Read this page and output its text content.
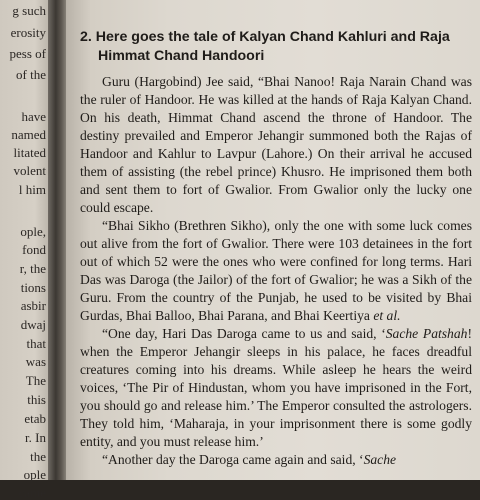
g such
erosity
pess of
of the
have
named
litated
volent
l him
ople,
fond
r, the
tions
asbir
dwaj
that
was
The
this
etab
r. In
the
ople
came
2. Here goes the tale of Kalyan Chand Kahluri and Raja Himmat Chand Handoori

Guru (Hargobind) Jee said, “Bhai Nanoo! Raja Narain Chand was the ruler of Handoor. He was killed at the hands of Raja Kalyan Chand. On his death, Himmat Chand ascend the throne of Handoor. The destiny prevailed and Emperor Jehangir summoned both the Rajas of Handoor and Kahlur to Lavpur (Lahore.) On their arrival he accused them of assisting (the rebel prince) Khusro. He imprisoned them both and sent them to fort of Gwalior. From Gwalior only the lucky one could escape.

“Bhai Sikho (Brethren Sikho), only the one with some luck comes out alive from the fort of Gwalior. There were 103 detainees in the fort out of which 52 were the ones who were confined for long terms. Hari Das was Daroga (the Jailor) of the fort of Gwalior; he was a Sikh of the Guru. From the country of the Punjab, he used to be visited by Bhai Gurdas, Bhai Balloo, Bhai Parana, and Bhai Keertiya et al.

“One day, Hari Das Daroga came to us and said, ‘Sache Patshah! when the Emperor Jehangir sleeps in his palace, he faces dreadful creatures coming into his dreams. While asleep he hears the weird voices, ‘The Pir of Hindustan, whom you have imprisoned in the Fort, you should go and release him.’ The Emperor consulted the astrologers. They told him, ‘Maharaja, in your imprisonment there is some godly entity, and you must release him.’

“Another day the Daroga came again and said, ‘Sache
